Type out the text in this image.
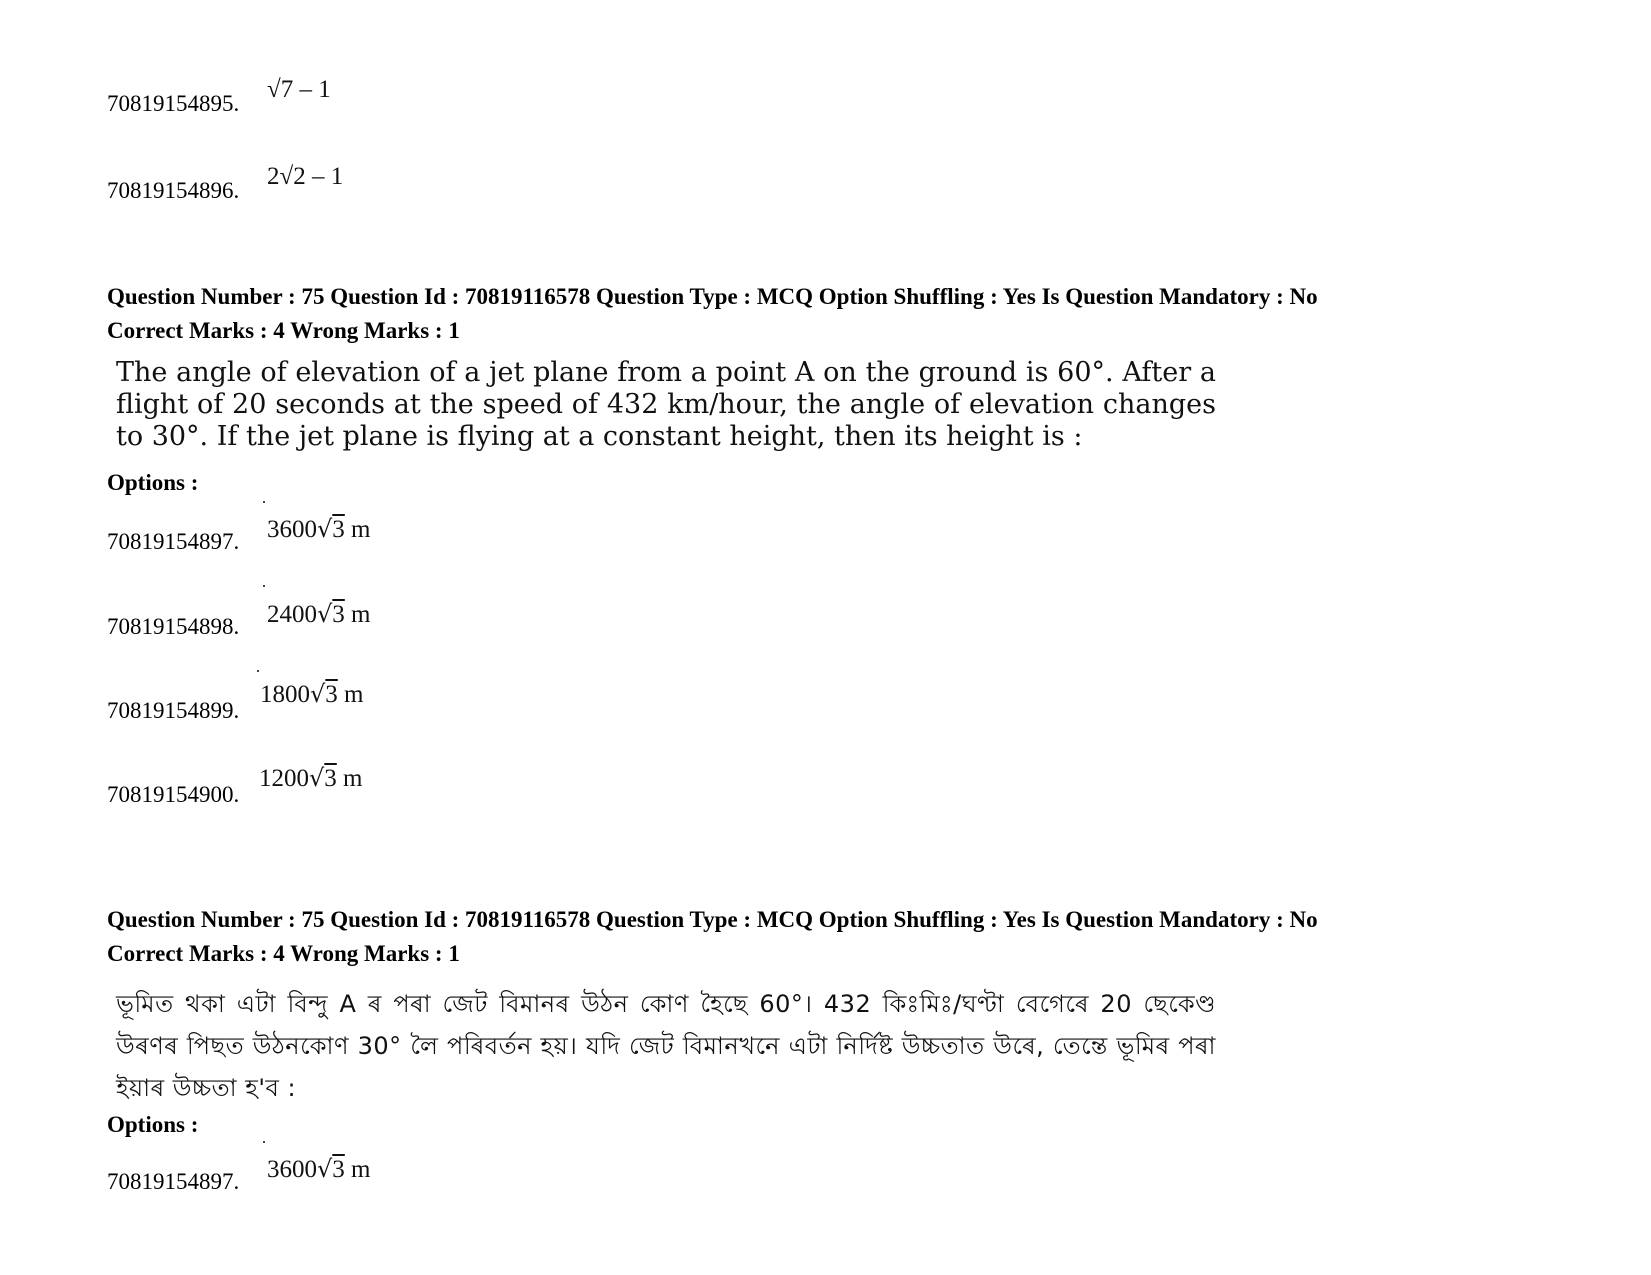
70819154895.
√7 – 1
70819154896.
2√2 – 1
Question Number : 75 Question Id : 70819116578 Question Type : MCQ Option Shuffling : Yes Is Question Mandatory : No
Correct Marks : 4 Wrong Marks : 1
The angle of elevation of a jet plane from a point A on the ground is 60°. After a flight of 20 seconds at the speed of 432 km/hour, the angle of elevation changes to 30°. If the jet plane is flying at a constant height, then its height is :
Options :
70819154897. 3600√3 m
70819154898. 2400√3 m
70819154899.
1800√3 m
70819154900.
1200√3 m
Question Number : 75 Question Id : 70819116578 Question Type : MCQ Option Shuffling : Yes Is Question Mandatory : No
Correct Marks : 4 Wrong Marks : 1
ভূমিত থকা এটা বিন্দু A ৰ পৰা জেট বিমানৰ উঠন কোণ হৈছে 60°। 432 কিঃমিঃ/ঘণ্টা বেগেৰে 20 ছেকেণ্ড উৰণৰ পিছত উঠনকোণ 30° লৈ পৰিবৰ্তন হয়। যদি জেট বিমানখনে এটা নিৰ্দিষ্ট উচ্চতাত উৰে, তেন্তে ভূমিৰ পৰা ইয়াৰ উচ্চতা হ'ব :
Options :
70819154897. 3600√3 m
